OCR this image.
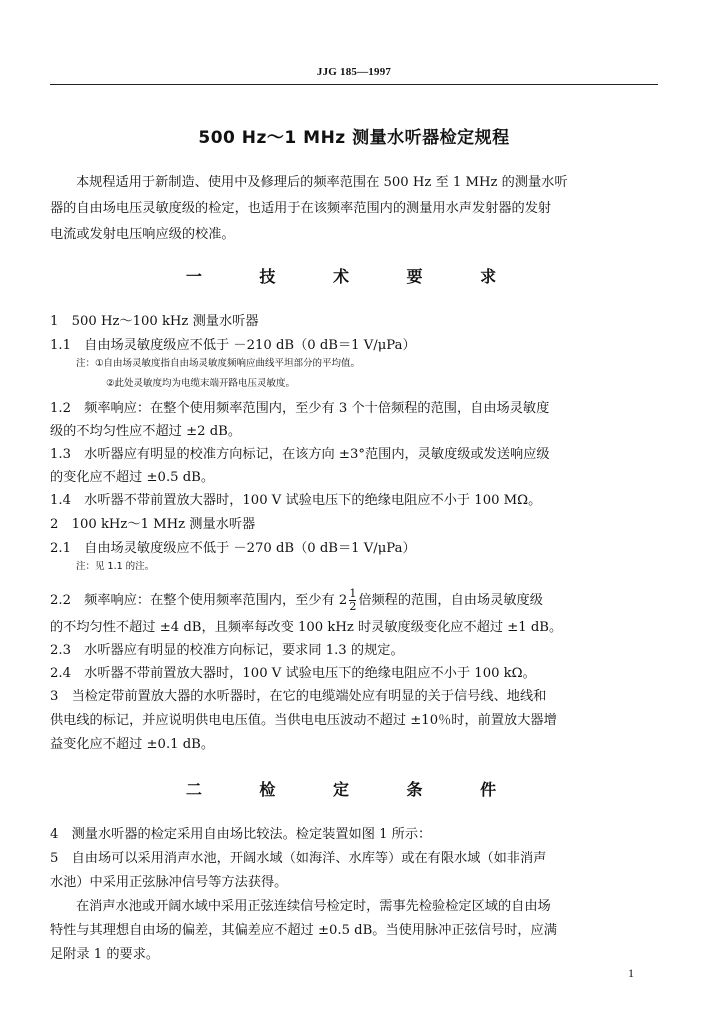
JJG 185—1997
500 Hz～1 MHz 测量水听器检定规程
本规程适用于新制造、使用中及修理后的频率范围在 500 Hz 至 1 MHz 的测量水听
器的自由场电压灵敏度级的检定，也适用于在该频率范围内的测量用水声发射器的发射
电流或发射电压响应级的校准。
一 技 术 要 求
1　500 Hz～100 kHz 测量水听器
1.1　自由场灵敏度级应不低于 －210 dB（0 dB＝1 V/μPa）
注：①自由场灵敏度指自由场灵敏度频响应曲线平坦部分的平均值。
②此处灵敏度均为电缆末端开路电压灵敏度。
1.2　频率响应：在整个使用频率范围内，至少有 3 个十倍频程的范围，自由场灵敏度
级的不均匀性应不超过 ±2 dB。
1.3　水听器应有明显的校准方向标记，在该方向 ±3°范围内，灵敏度级或发送响应级
的变化应不超过 ±0.5 dB。
1.4　水听器不带前置放大器时，100 V 试验电压下的绝缘电阻应不小于 100 MΩ。
2　100 kHz～1 MHz 测量水听器
2.1　自由场灵敏度级应不低于 －270 dB（0 dB＝1 V/μPa）
注：见 1.1 的注。
2.2　频率响应：在整个使用频率范围内，至少有 $2 \frac{1}{2}$ 倍频程的范围，自由场灵敏度级
的不均匀性不超过 ±4 dB，且频率每改变 100 kHz 时灵敏度级变化应不超过 ±1 dB。
2.3　水听器应有明显的校准方向标记，要求同 1.3 的规定。
2.4　水听器不带前置放大器时，100 V 试验电压下的绝缘电阻应不小于 100 kΩ。
3　当检定带前置放大器的水听器时，在它的电缆端处应有明显的关于信号线、地线和
供电线的标记，并应说明供电电压值。当供电电压波动不超过 ±10％时，前置放大器增
益变化应不超过 ±0.1 dB。
二 检 定 条 件
4　测量水听器的检定采用自由场比较法。检定装置如图 1 所示：
5　自由场可以采用消声水池，开阔水域（如海洋、水库等）或在有限水域（如非消声
水池）中采用正弦脉冲信号等方法获得。
在消声水池或开阔水域中采用正弦连续信号检定时，需事先检验检定区域的自由场
特性与其理想自由场的偏差，其偏差应不超过 ±0.5 dB。当使用脉冲正弦信号时，应满
足附录 1 的要求。
1
